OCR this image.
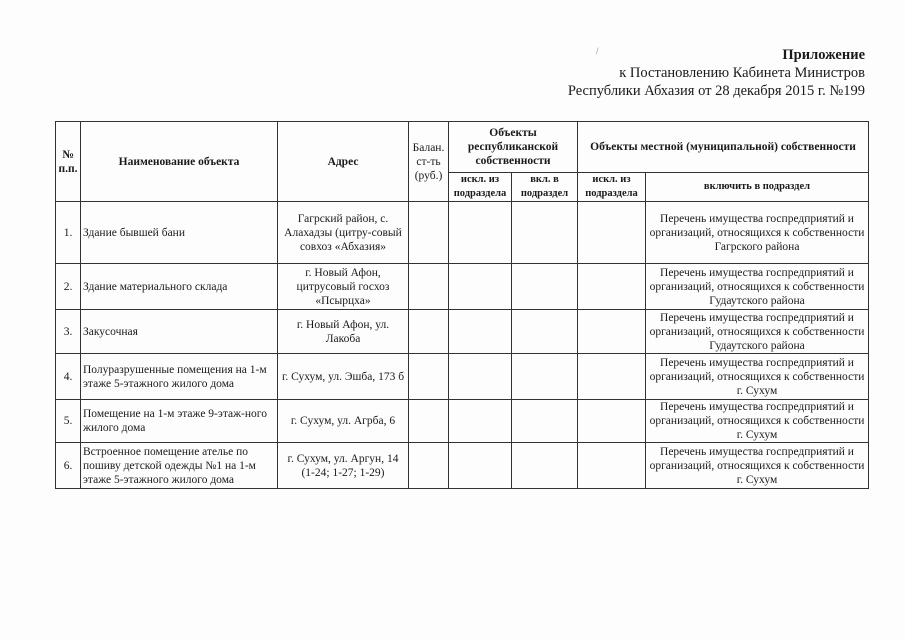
/	Приложение
к Постановлению Кабинета Министров
Республики Абхазия от 28 декабря 2015 г. №199
№ п.п.	Наименование объекта	Адрес	Балан. ст-ть (руб.)	Объекты республиканской собственности		Объекты местной (муниципальной) собственности	
				искл. из подраздела	вкл. в подраздел	искл. из подраздела	включить в подраздел
1.	Здание бывшей бани	Гагрский район, с. Алахадзы (цитру-совый совхоз «Абхазия»					Перечень имущества госпредприятий и организаций, относящихся к собственности Гагрского района
2.	Здание материального склада	г. Новый Афон, цитрусовый госхоз «Псырцха»					Перечень имущества госпредприятий и организаций, относящихся к собственности Гудаутского района
3.	Закусочная	г. Новый Афон, ул. Лакоба					Перечень имущества госпредприятий и организаций, относящихся к собственности Гудаутского района
4.	Полуразрушенные помещения на 1-м этаже 5-этажного жилого дома	г. Сухум, ул. Эшба, 173 б					Перечень имущества госпредприятий и организаций, относящихся к собственности г. Сухум
5.	Помещение на 1-м этаже 9-этаж-ного жилого дома	г. Сухум, ул. Агрба, 6					Перечень имущества госпредприятий и организаций, относящихся к собственности г. Сухум
6.	Встроенное помещение ателье по пошиву детской одежды №1 на 1-м этаже 5-этажного жилого дома	г. Сухум, ул. Аргун, 14 (1-24; 1-27; 1-29)					Перечень имущества госпредприятий и организаций, относящихся к собственности г. Сухум
